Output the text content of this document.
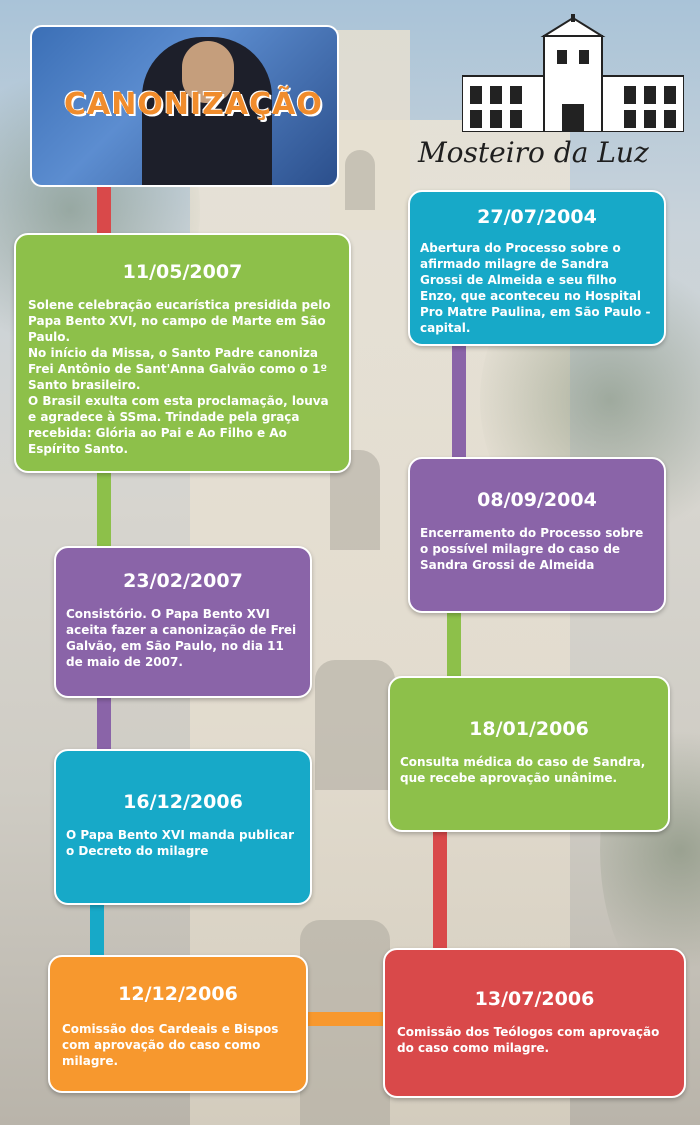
CANONIZAÇÃO
Mosteiro da Luz
11/05/2007

Solene celebração eucarística presidida pelo Papa Bento XVI, no campo de Marte em São Paulo.
No início da Missa, o Santo Padre canoniza Frei Antônio de Sant'Anna Galvão como o 1º Santo brasileiro.
O Brasil exulta com esta proclamação, louva e agradece à SSma. Trindade pela graça recebida: Glória ao Pai e Ao Filho e Ao Espírito Santo.

27/07/2004

Abertura do Processo sobre o afirmado milagre de Sandra Grossi de Almeida e seu filho Enzo, que aconteceu no Hospital Pro Matre Paulina, em São Paulo - capital.

08/09/2004

Encerramento do Processo sobre o possível milagre do caso de Sandra Grossi de Almeida

23/02/2007

Consistório. O Papa Bento XVI aceita fazer a canonização de Frei Galvão, em São Paulo, no dia 11 de maio de 2007.

18/01/2006

Consulta médica do caso de Sandra, que recebe aprovação unânime.

16/12/2006

O Papa Bento XVI manda publicar o Decreto do milagre

12/12/2006

Comissão dos Cardeais e Bispos com aprovação do caso como milagre.

13/07/2006

Comissão dos Teólogos com aprovação do caso como milagre.
